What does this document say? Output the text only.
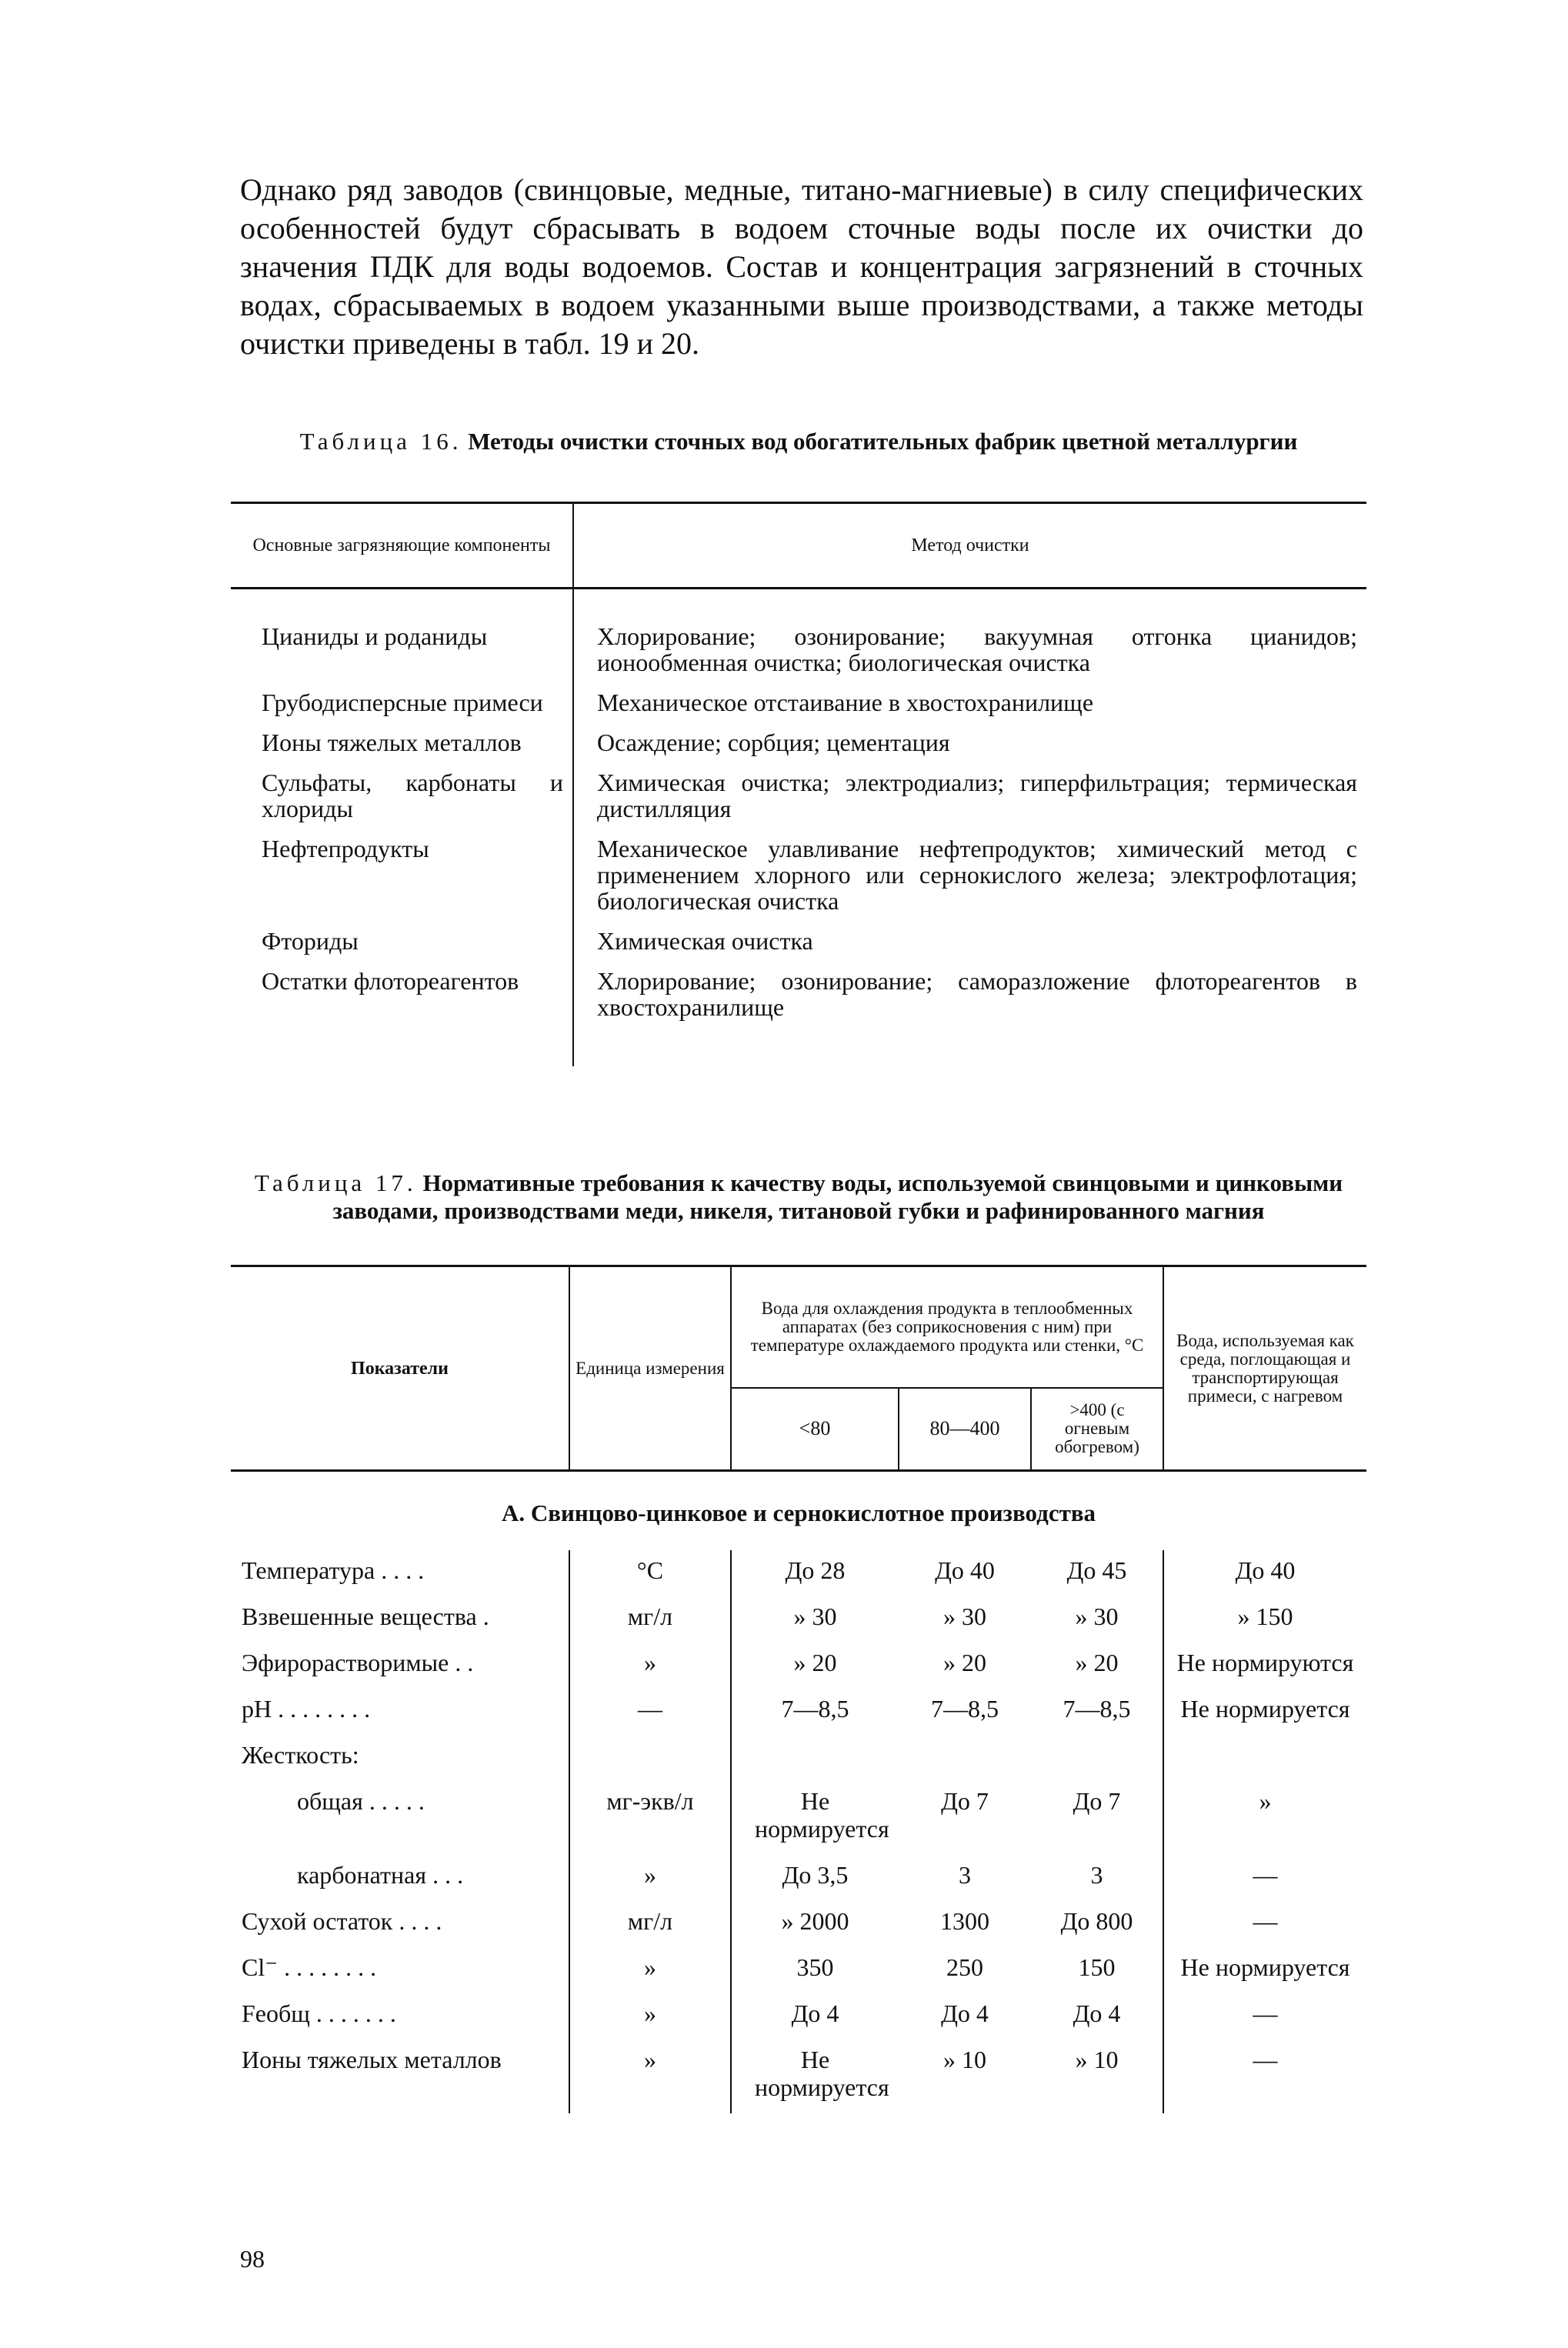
Однако ряд заводов (свинцовые, медные, титано-магниевые) в силу специфических особенностей будут сбрасывать в водоем сточные воды после их очистки до значения ПДК для воды водоемов. Состав и концентрация загрязнений в сточных водах, сбрасываемых в водоем указанными выше производствами, а также методы очистки приведены в табл. 19 и 20.

Таблица 16. Методы очистки сточных вод обогатительных фабрик цветной металлургии
Основные загрязняющие компоненты	Метод очистки
Цианиды и роданиды	Хлорирование; озонирование; вакуумная отгонка цианидов; ионообменная очистка; биологическая очистка
Грубодисперсные примеси	Механическое отстаивание в хвостохранилище
Ионы тяжелых металлов	Осаждение; сорбция; цементация
Сульфаты, карбонаты и хлориды	Химическая очистка; электродиализ; гиперфильтрация; термическая дистилляция
Нефтепродукты	Механическое улавливание нефтепродуктов; химический метод с применением хлорного или сернокислого железа; электрофлотация; биологическая очистка
Фториды	Химическая очистка
Остатки флотореагентов	Хлорирование; озонирование; саморазложение флотореагентов в хвостохранилище
Таблица 17. Нормативные требования к качеству воды, используемой свинцовыми и цинковыми заводами, производствами меди, никеля, титановой губки и рафинированного магния
Показатели	Единица измерения	Вода для охлаждения продукта в теплообменных аппаратах (без соприкосновения с ним) при температуре охлаждаемого продукта или стенки, °С			Вода, используемая как среда, поглощающая и транспортирующая примеси, с нагревом
		<80	80—400	>400 (с огневым обогревом)	
А. Свинцово-цинковое и сернокислотное производства
Температура . . . .	°С	До 28	До 40	До 45	До 40
Взвешенные вещества .	мг/л	» 30	» 30	» 30	» 150
Эфирорастворимые . .	»	» 20	» 20	» 20	Не нормируются
рН . . . . . . . .	—	7—8,5	7—8,5	7—8,5	Не нормируется
Жесткость:					
общая . . . . .	мг-экв/л	Не нормируется	До 7	До 7	»
карбонатная . . .	»	До 3,5	3	3	—
Сухой остаток . . . .	мг/л	» 2000	1300	До 800	—
Cl⁻ . . . . . . . .	»	350	250	150	Не нормируется
Feобщ . . . . . . .	»	До 4	До 4	До 4	—
Ионы тяжелых металлов	»	Не нормируется	» 10	» 10	—
98
